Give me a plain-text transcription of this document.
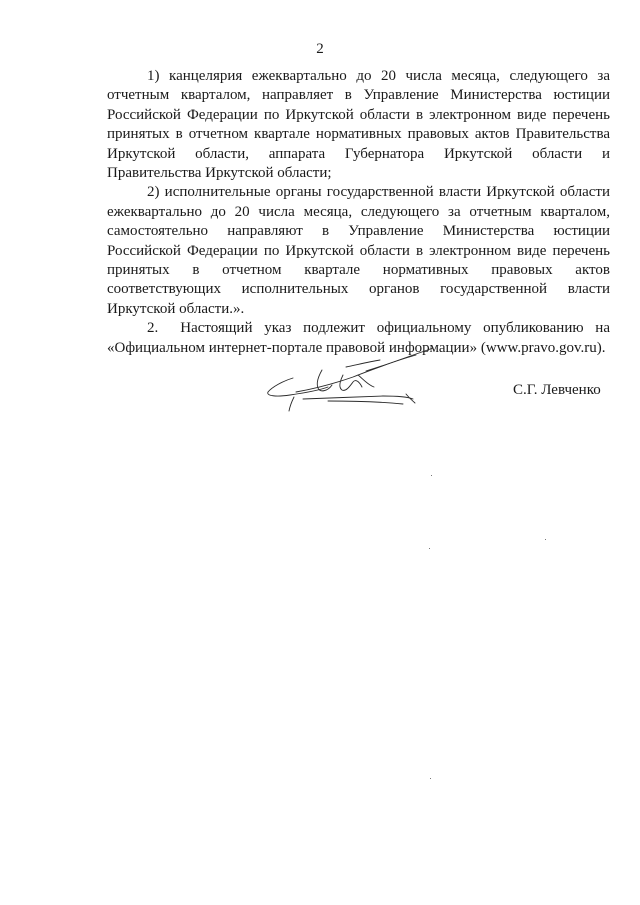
2

1) канцелярия ежеквартально до 20 числа месяца, следующего за отчетным кварталом, направляет в Управление Министерства юстиции Российской Федерации по Иркутской области в электронном виде перечень принятых в отчетном квартале нормативных правовых актов Правительства Иркутской области, аппарата Губернатора Иркутской области и Правительства Иркутской области;

2) исполнительные органы государственной власти Иркутской области ежеквартально до 20 числа месяца, следующего за отчетным кварталом, самостоятельно направляют в Управление Министерства юстиции Российской Федерации по Иркутской области в электронном виде перечень принятых в отчетном квартале нормативных правовых актов соответствующих исполнительных органов государственной власти Иркутской области.».

2. Настоящий указ подлежит официальному опубликованию на «Официальном интернет-портале правовой информации» (www.pravo.gov.ru).

С.Г. Левченко
